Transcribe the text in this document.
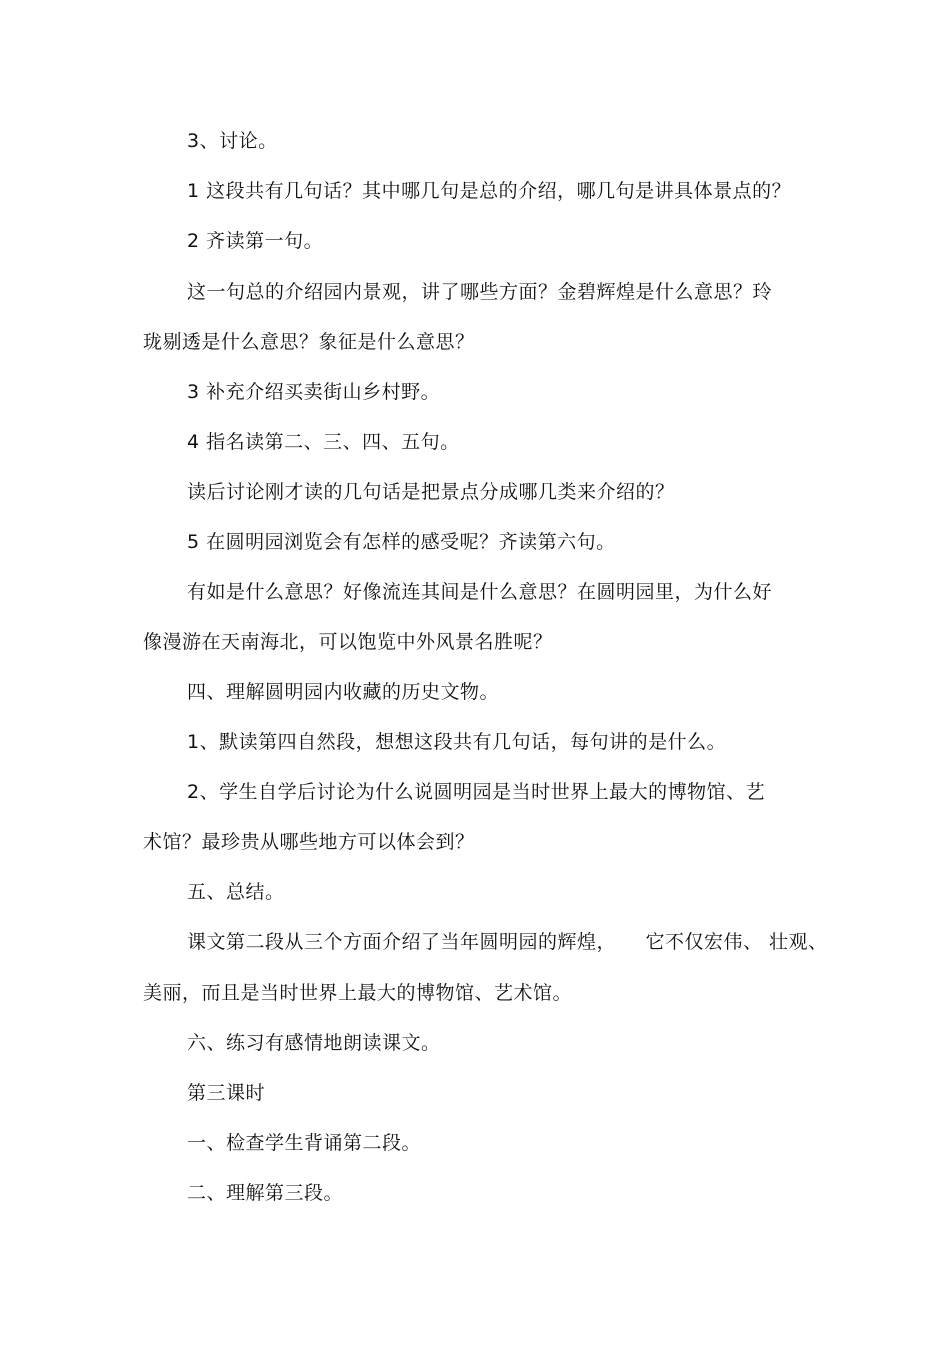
3、讨论。
1 这段共有几句话？其中哪几句是总的介绍，哪几句是讲具体景点的？
2 齐读第一句。
这一句总的介绍园内景观，讲了哪些方面？金碧辉煌是什么意思？玲
珑剔透是什么意思？象征是什么意思？
3 补充介绍买卖街山乡村野。
4 指名读第二、三、四、五句。
读后讨论刚才读的几句话是把景点分成哪几类来介绍的？
5 在圆明园浏览会有怎样的感受呢？齐读第六句。
有如是什么意思？好像流连其间是什么意思？在圆明园里，为什么好
像漫游在天南海北，可以饱览中外风景名胜呢？
四、理解圆明园内收藏的历史文物。
1、默读第四自然段，想想这段共有几句话，每句讲的是什么。
2、学生自学后讨论为什么说圆明园是当时世界上最大的博物馆、艺
术馆？最珍贵从哪些地方可以体会到？
五、总结。
课文第二段从三个方面介绍了当年圆明园的辉煌，　　它不仅宏伟、 壮观、
美丽，而且是当时世界上最大的博物馆、艺术馆。
六、练习有感情地朗读课文。
第三课时
一、检查学生背诵第二段。
二、理解第三段。
